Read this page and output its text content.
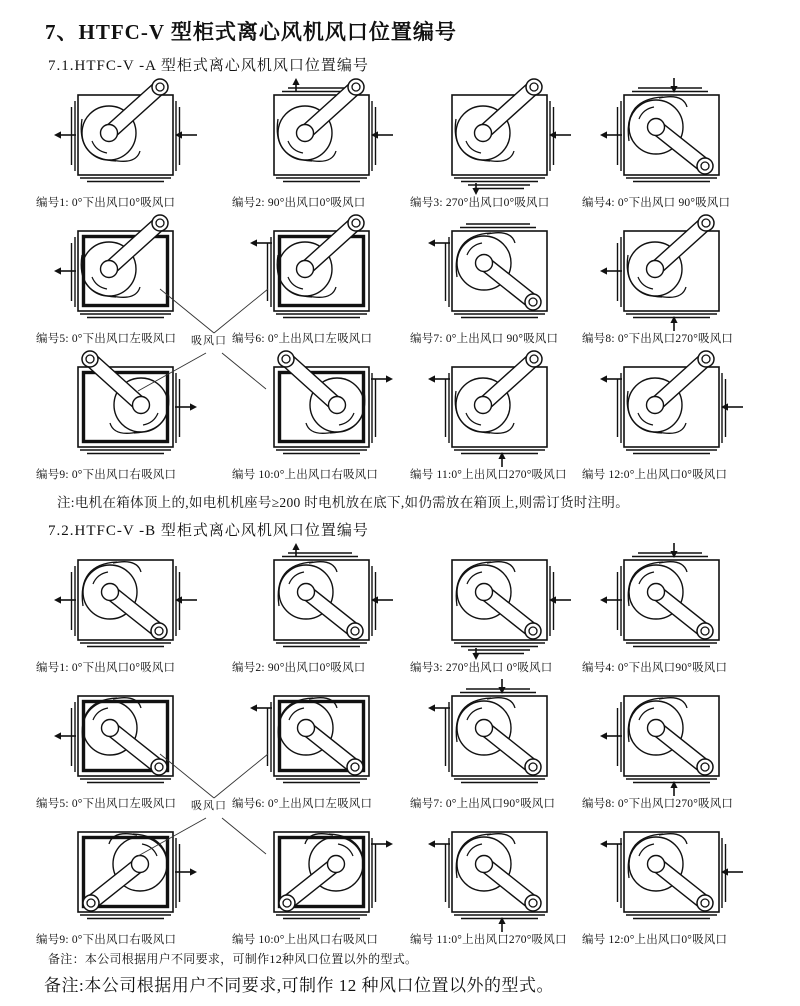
7、HTFC-V 型柜式离心风机风口位置编号
7.1.HTFC-V -A 型柜式离心风机风口位置编号
吸风口
编号1: 0°下出风口0°吸风口	编号2: 90°出风口0°吸风口	编号3: 270°出风口0°吸风口	编号4: 0°下出风口 90°吸风口
编号5: 0°下出风口左吸风口	编号6: 0°上出风口左吸风口	编号7: 0°上出风口 90°吸风口 编号8: 0°下出风口270°吸风口
编号9: 0°下出风口右吸风口	编号 10:0°上出风口右吸风口	编号 11:0°上出风口270°吸风口 编号 12:0°上出风口0°吸风口

注:电机在箱体顶上的,如电机机座号≥200 时电机放在底下,如仍需放在箱顶上,则需订货时注明。

7.2.HTFC-V -B 型柜式离心风机风口位置编号
吸风口
编号1: 0°下出风口0°吸风口	编号2: 90°出风口0°吸风口	编号3: 270°出风口 0°吸风口	编号4: 0°下出风口90°吸风口
编号5: 0°下出风口左吸风口	编号6: 0°上出风口左吸风口	编号7: 0°上出风口90°吸风口 编号8: 0°下出风口270°吸风口
编号9: 0°下出风口右吸风口	编号 10:0°上出风口右吸风口	编号 11:0°上出风口270°吸风口 编号 12:0°上出风口0°吸风口

备注：本公司根据用户不同要求，可制作12种风口位置以外的型式。

备注:本公司根据用户不同要求,可制作 12 种风口位置以外的型式。
